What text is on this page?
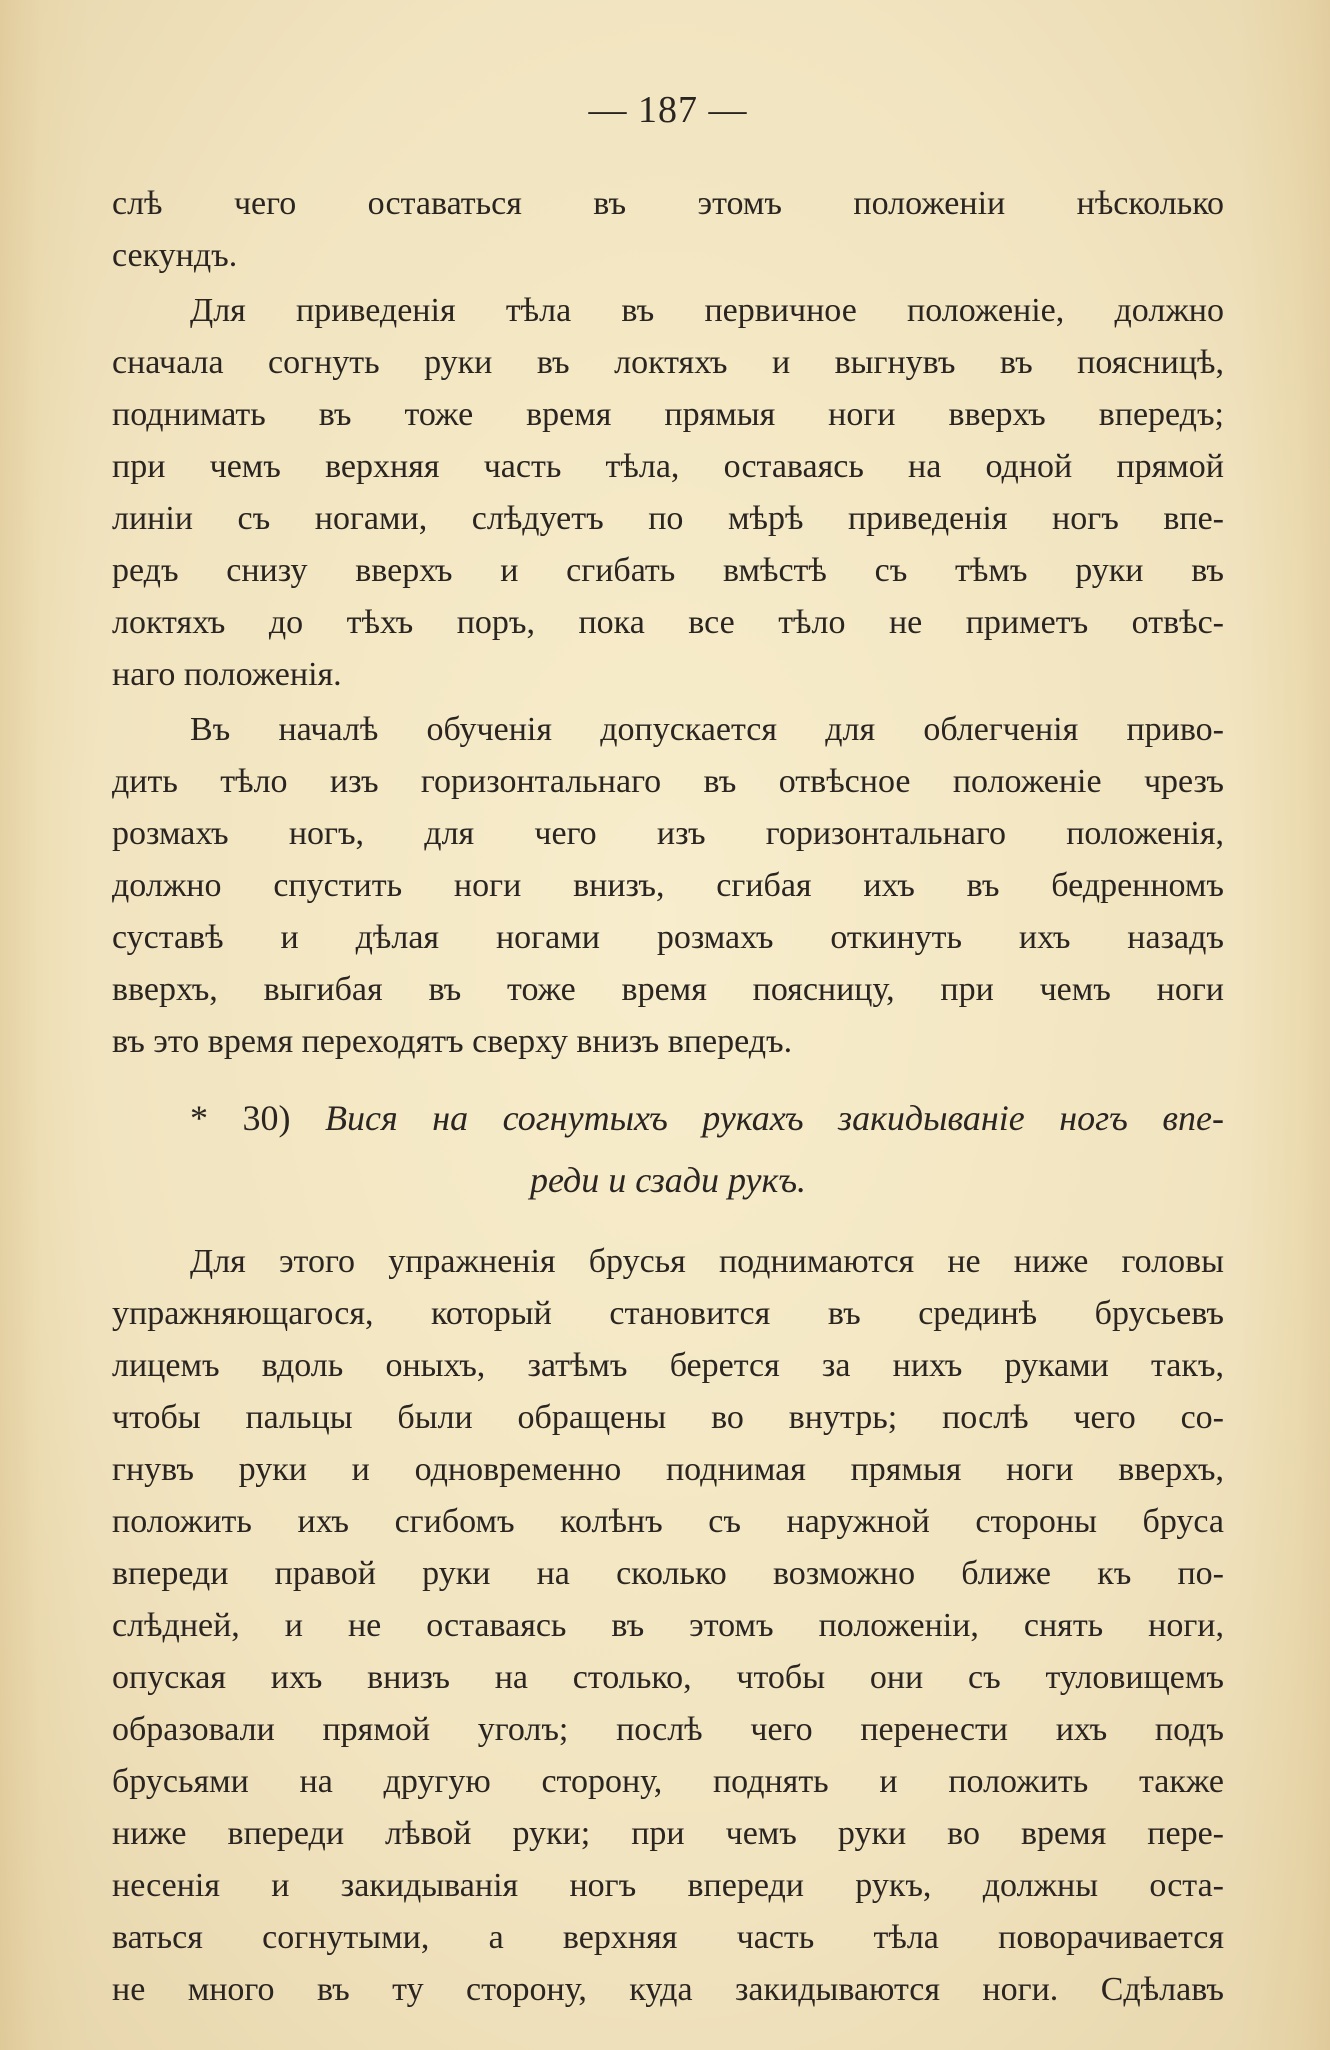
— 187 —
слѣ чего оставаться въ этомъ положеніи нѣсколько
секундъ.
Для приведенія тѣла въ первичное положеніе, должно
сначала согнуть руки въ локтяхъ и выгнувъ въ поясницѣ,
поднимать въ тоже время прямыя ноги вверхъ впередъ;
при чемъ верхняя часть тѣла, оставаясь на одной прямой
линіи съ ногами, слѣдуетъ по мѣрѣ приведенія ногъ впе-
редъ снизу вверхъ и сгибать вмѣстѣ съ тѣмъ руки въ
локтяхъ до тѣхъ поръ, пока все тѣло не приметъ отвѣс-
наго положенія.
Въ началѣ обученія допускается для облегченія приво-
дить тѣло изъ горизонтальнаго въ отвѣсное положеніе чрезъ
розмахъ ногъ, для чего изъ горизонтальнаго положенія,
должно спустить ноги внизъ, сгибая ихъ въ бедренномъ
суставѣ и дѣлая ногами розмахъ откинуть ихъ назадъ
вверхъ, выгибая въ тоже время поясницу, при чемъ ноги
въ это время переходятъ сверху внизъ впередъ.
* 30) Вися на согнутыхъ рукахъ закидываніе ногъ впе-
реди и сзади рукъ.
Для этого упражненія брусья поднимаются не ниже головы
упражняющагося, который становится въ срединѣ брусьевъ
лицемъ вдоль оныхъ, затѣмъ берется за нихъ руками такъ,
чтобы пальцы были обращены во внутрь; послѣ чего со-
гнувъ руки и одновременно поднимая прямыя ноги вверхъ,
положить ихъ сгибомъ колѣнъ съ наружной стороны бруса
впереди правой руки на сколько возможно ближе къ по-
слѣдней, и не оставаясь въ этомъ положеніи, снять ноги,
опуская ихъ внизъ на столько, чтобы они съ туловищемъ
образовали прямой уголъ; послѣ чего перенести ихъ подъ
брусьями на другую сторону, поднять и положить также
ниже впереди лѣвой руки; при чемъ руки во время пере-
несенія и закидыванія ногъ впереди рукъ, должны оста-
ваться согнутыми, а верхняя часть тѣла поворачивается
не много въ ту сторону, куда закидываются ноги. Сдѣлавъ
